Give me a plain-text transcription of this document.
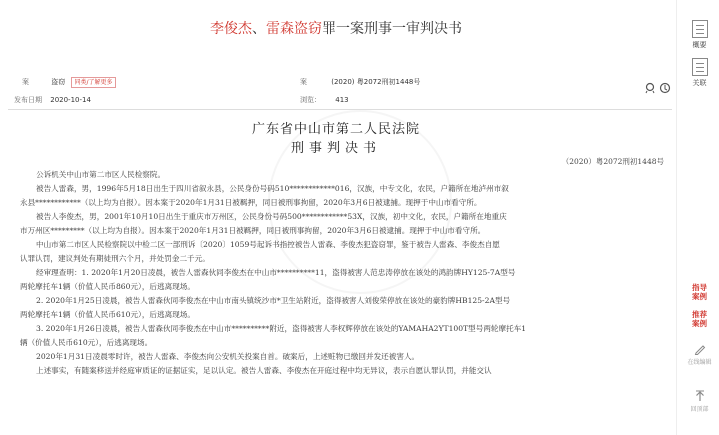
李俊杰、雷森盗窃罪一案刑事一审判决书
案	盗窃 同类/了解更多
发布日期 2020-10-14
案	(2020) 粤2072刑初1448号
浏览： 413
广东省中山市第二人民法院
刑事判决书
（2020）粤2072刑初1448号
公诉机关中山市第二市区人民检察院。
被告人雷森，男，1996年5月18日出生于四川省叙永县，公民身份号码510************016，汉族，中专文化，农民，户籍所在地泸州市叙
永县************（以上均为自报）。因本案于2020年1月31日被羁押，同日被刑事拘留，2020年3月6日被逮捕。现押于中山市看守所。
被告人李俊杰，男，2001年10月10日出生于重庆市万州区，公民身份号码500************53X，汉族，初中文化，农民，户籍所在地重庆
市万州区*********（以上均为自报）。因本案于2020年1月31日被羁押，同日被刑事拘留，2020年3月6日被逮捕。现押于中山市看守所。
中山市第二市区人民检察院以中检二区一部刑诉〔2020〕1059号起诉书指控被告人雷森、李俊杰犯盗窃罪，鉴于被告人雷森、李俊杰自愿
认罪认罚，建议判处有期徒刑六个月，并处罚金二千元。
经审理查明：1. 2020年1月20日凌晨，被告人雷森伙同李俊杰在中山市**********11，盗得被害人范忠涛停放在该处的鸿韵牌HY125-7A型号
两轮摩托车1辆（价值人民币860元），后逃离现场。
2. 2020年1月25日凌晨，被告人雷森伙同李俊杰在中山市南头镇统沙市*卫生站附近，盗得被害人刘俊荣停放在该处的豪豹牌HB125-2A型号
两轮摩托车1辆（价值人民币610元），后逃离现场。
3. 2020年1月26日凌晨，被告人雷森伙同李俊杰在中山市**********附近，盗得被害人李权辉停放在该处的YAMAHA2YT100T型号两轮摩托车1
辆（价值人民币610元），后逃离现场。
2020年1月31日凌晨零时许，被告人雷森、李俊杰向公安机关投案自首。破案后，上述赃物已缴回并发还被害人。
上述事实，有随案移送并经庭审质证的证据证实，足以认定。被告人雷森、李俊杰在开庭过程中均无异议，表示自愿认罪认罚，并能交认
概要
关联
指导
案例
推荐
案例
在线编辑
回顶部
